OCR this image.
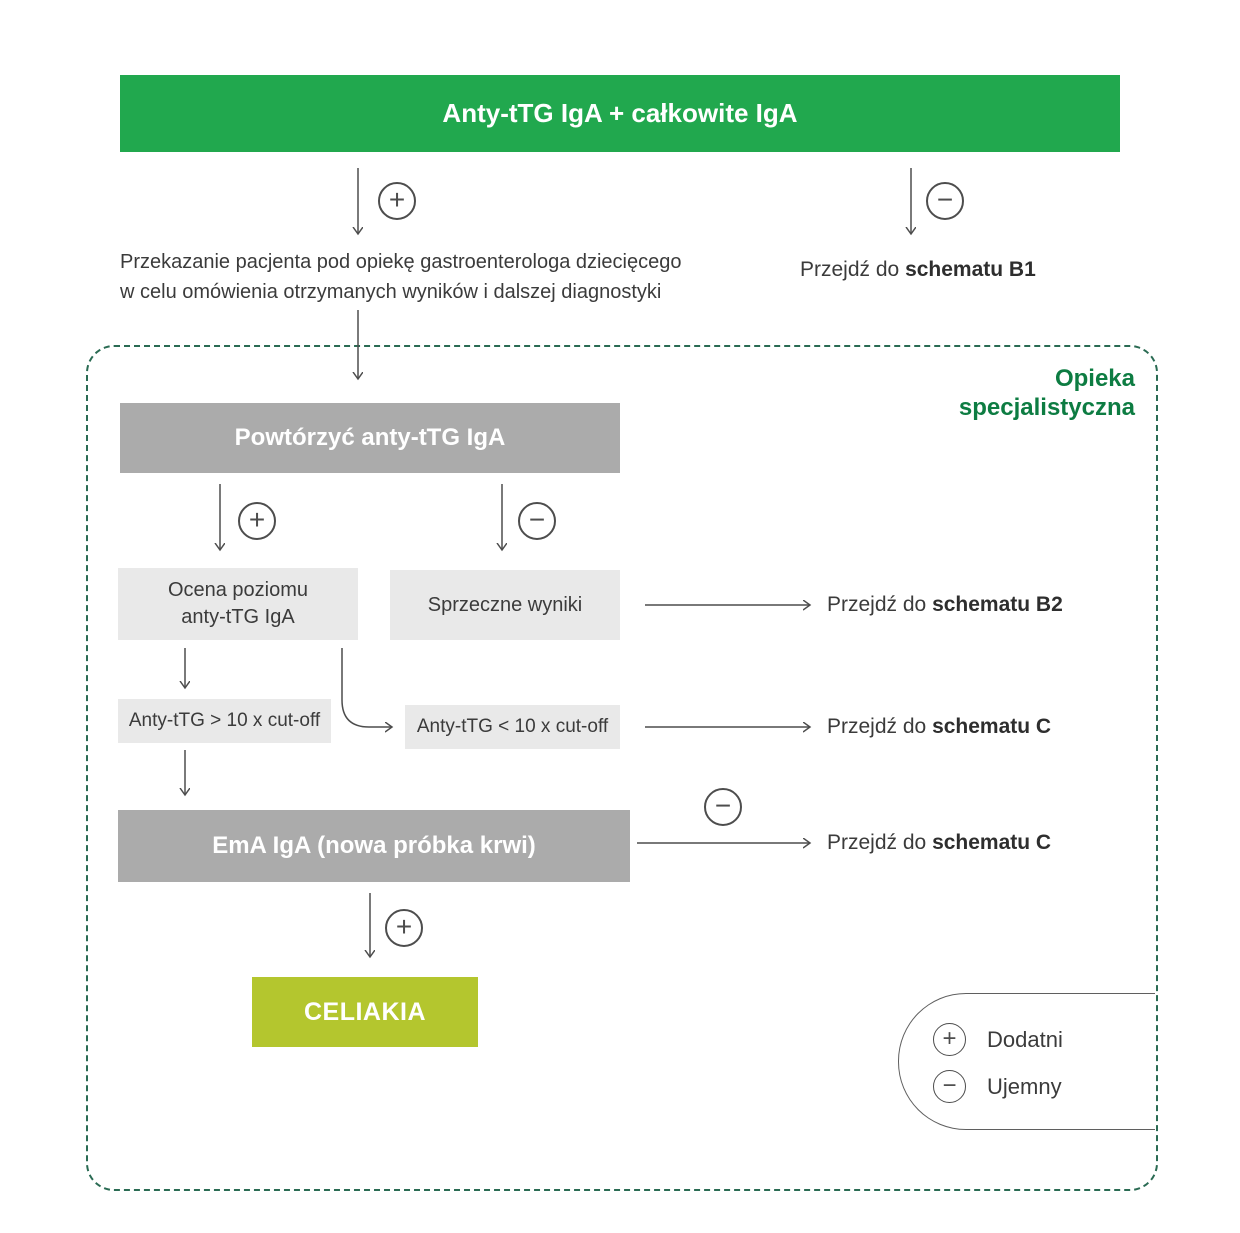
Anty-tTG IgA + całkowite IgA
Opieka
specjalistyczna
Przekazanie pacjenta pod opiekę gastroenterologa dziecięcego
w celu omówienia otrzymanych wyników i dalszej diagnostyki
Przejdź do schematu B1
Powtórzyć anty-tTG IgA
Ocena poziomu
anty-tTG IgA
Sprzeczne wyniki	Przejdź do schematu B2
Anty-tTG > 10 x cut-off	Anty-tTG < 10 x cut-off	Przejdź do schematu C
EmA IgA (nowa próbka krwi)	Przejdź do schematu C
CELIAKIA
+	−
+	−
−
+
+	Dodatni
−	Ujemny
